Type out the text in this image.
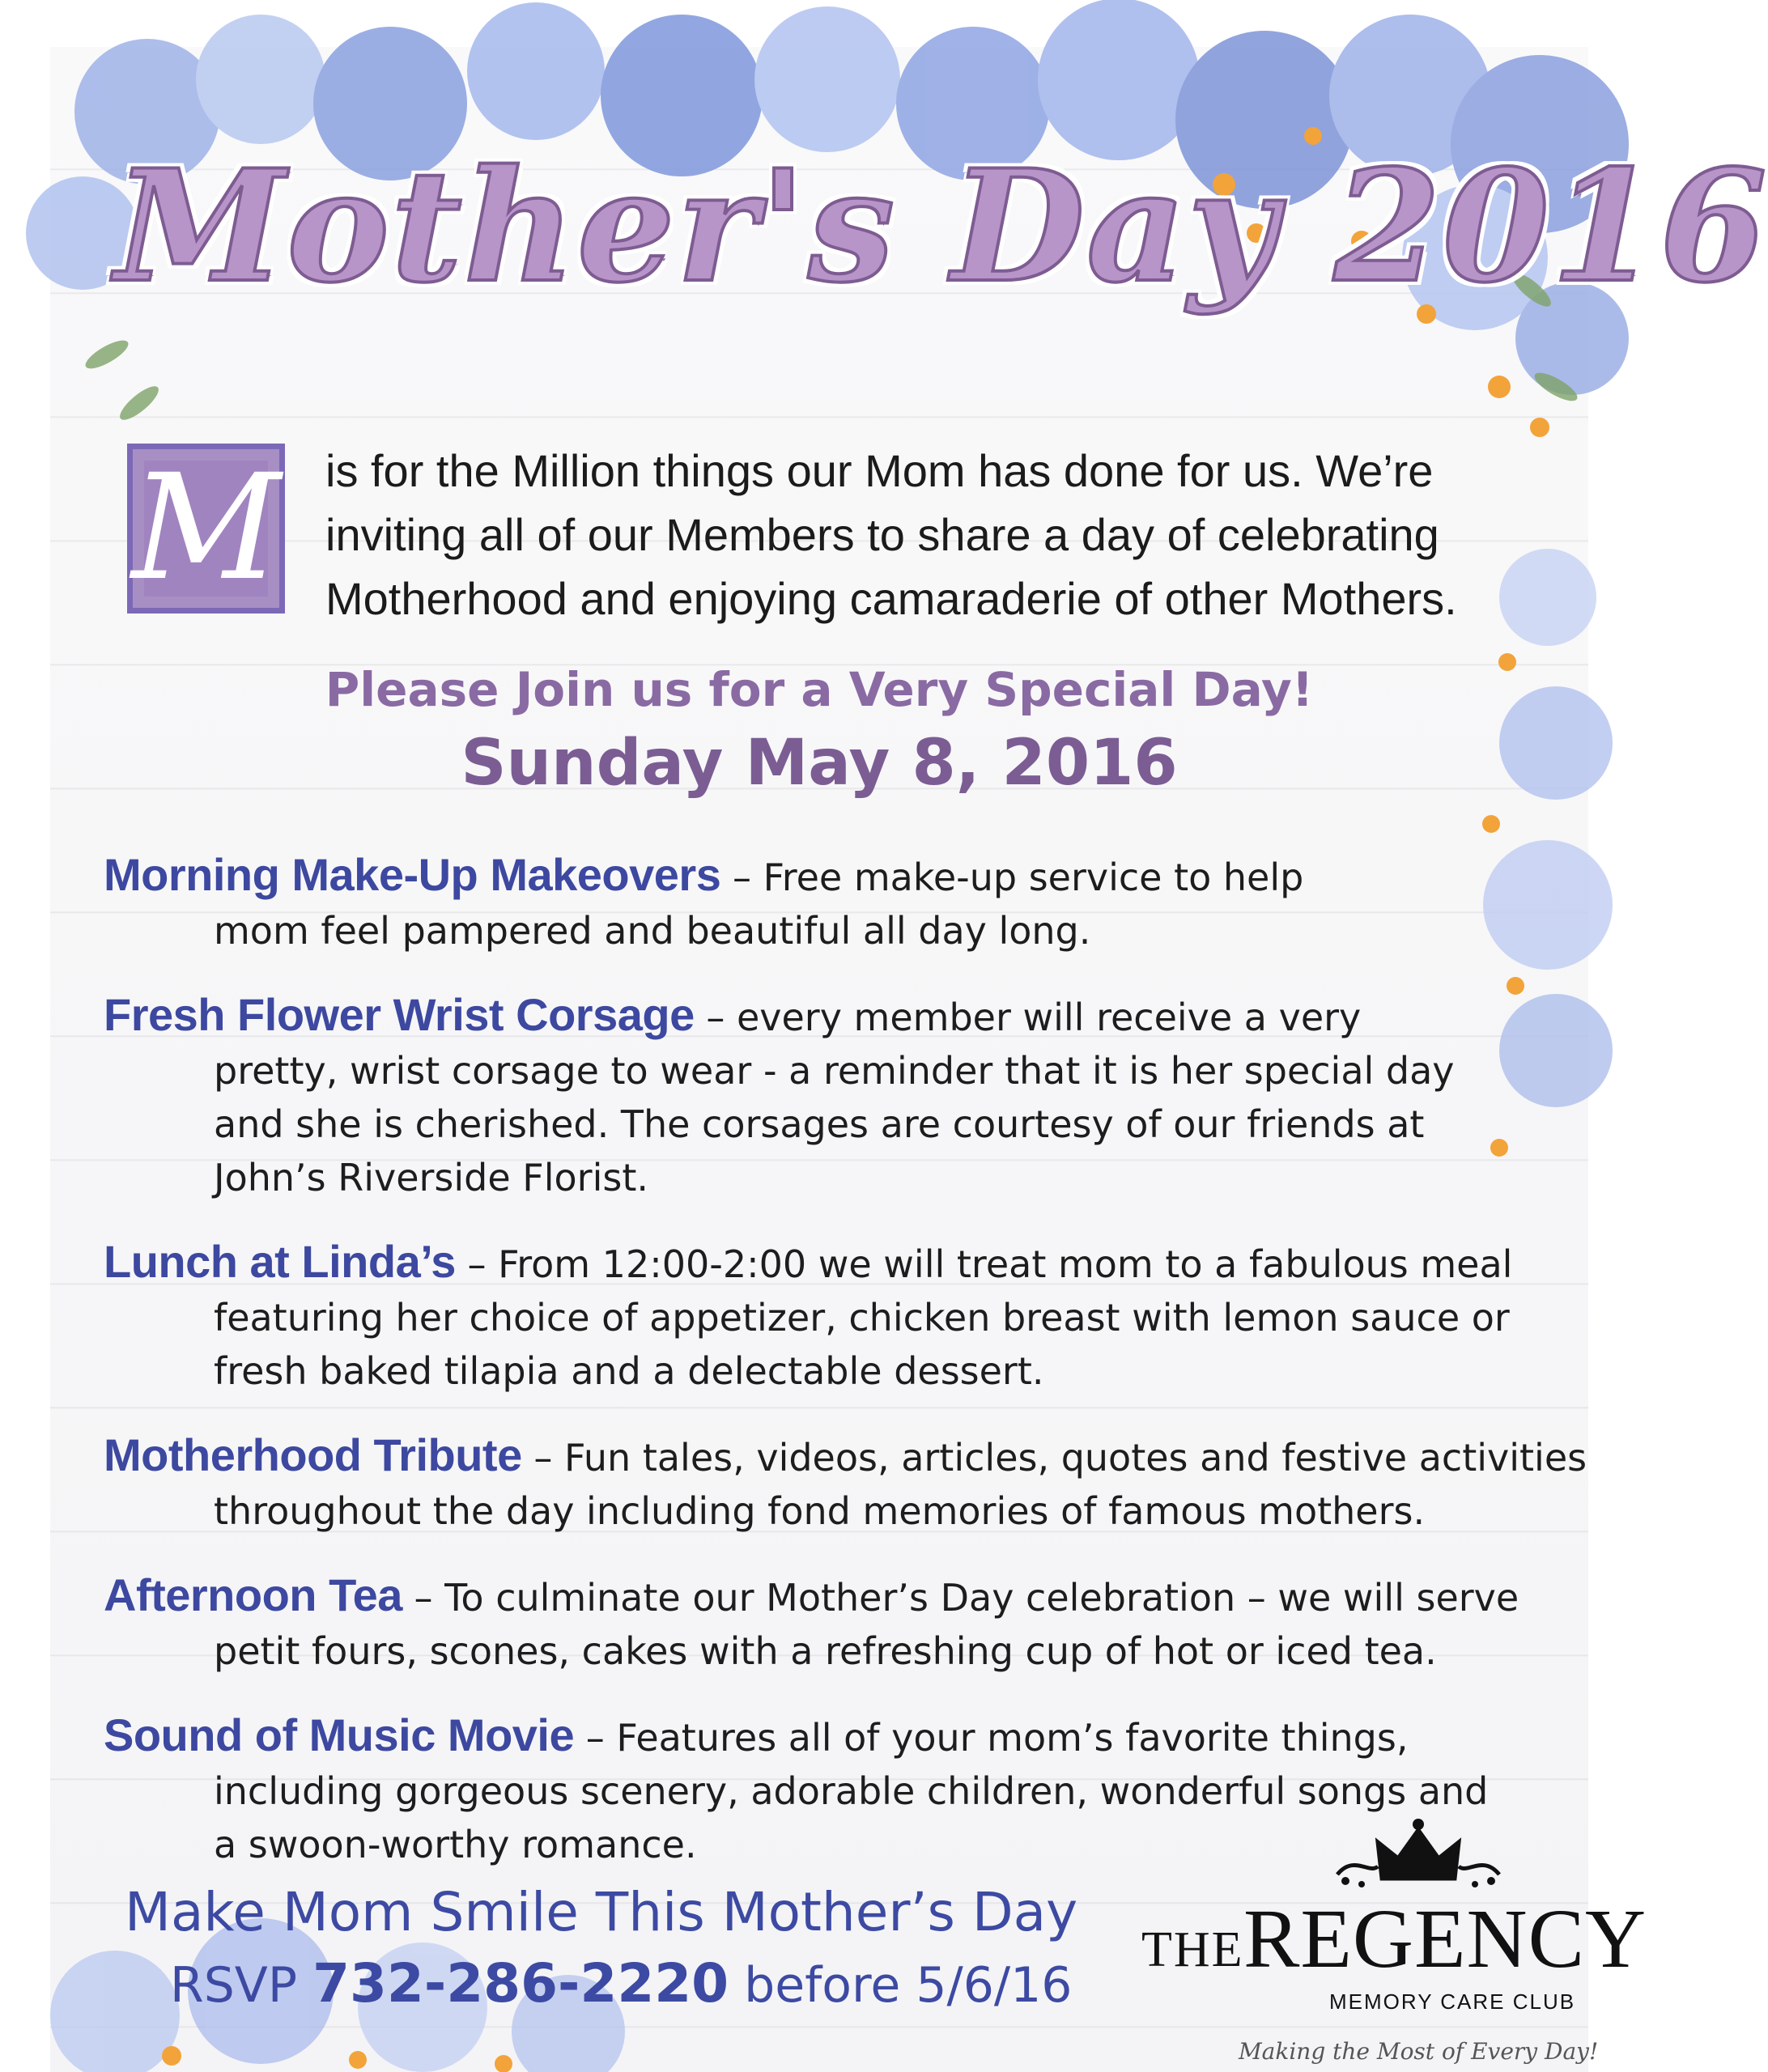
Mother's Day 2016
M is for the Million things our Mom has done for us. We’re
inviting all of our Members to share a day of celebrating
Motherhood and enjoying camaraderie of other Mothers.
Please Join us for a Very Special Day!
Sunday May 8, 2016
Morning Make-Up Makeovers – Free make-up service to help
mom feel pampered and beautiful all day long.
Fresh Flower Wrist Corsage – every member will receive a very
pretty, wrist corsage to wear - a reminder that it is her special day
and she is cherished. The corsages are courtesy of our friends at
John’s Riverside Florist.
Lunch at Linda’s – From 12:00-2:00 we will treat mom to a fabulous meal
featuring her choice of appetizer, chicken breast with lemon sauce or
fresh baked tilapia and a delectable dessert.
Motherhood Tribute – Fun tales, videos, articles, quotes and festive activities
throughout the day including fond memories of famous mothers.
Afternoon Tea – To culminate our Mother’s Day celebration – we will serve
petit fours, scones, cakes with a refreshing cup of hot or iced tea.
Sound of Music Movie – Features all of your mom’s favorite things,
including gorgeous scenery, adorable children, wonderful songs and
a swoon-worthy romance.
Make Mom Smile This Mother’s Day
RSVP 732-286-2220 before 5/6/16
THE REGENCY
MEMORY CARE CLUB
Making the Most of Every Day!
